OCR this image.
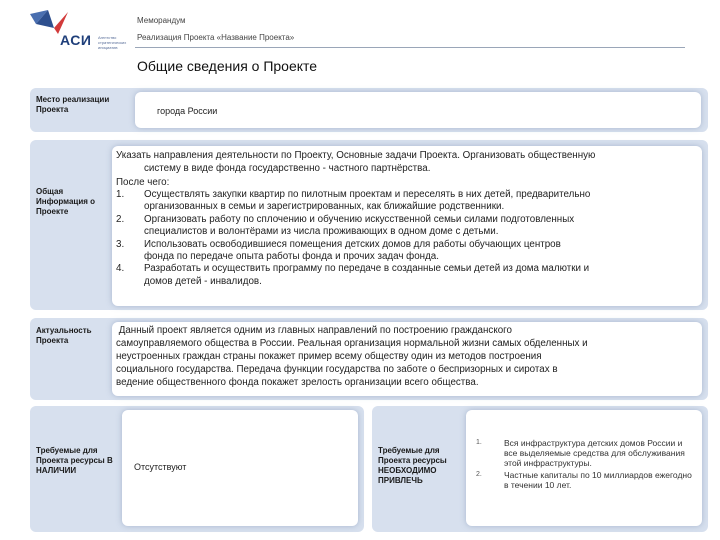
АСИ Агентство стратегических инициатив
Меморандум
Реализация Проекта «Название Проекта»
Общие сведения о Проекте
Место реализации Проекта	города России
Общая Информация о Проекте
Указать направления деятельности по Проекту, Основные задачи Проекта. Организовать общественную
систему в виде фонда государственно - частного партнёрства.
После чего:
1. Осуществлять закупки квартир по пилотным проектам и переселять в них детей, предварительно
организованных в семьи и зарегистрированных, как ближайшие родственники.
2. Организовать работу по сплочению и обучению искусственной семьи силами подготовленных
специалистов и волонтёрами из числа проживающих в одном доме с детьми.
3. Использовать освободившиеся помещения детских домов для работы обучающих центров
фонда по передаче опыта работы фонда и прочих задач фонда.
4. Разработать и осуществить программу по передаче в созданные семьи детей из дома малютки и
домов детей - инвалидов.
Актуальность Проекта
Данный проект является одним из главных направлений по построению гражданского
самоуправляемого общества в России. Реальная организация нормальной жизни самых обделенных и
неустроенных граждан страны покажет пример всему обществу один из методов построения
социального государства. Передача функции государства по заботе о беспризорных и сиротах в
ведение общественного фонда покажет зрелость организации всего общества.
Требуемые для Проекта ресурсы В НАЛИЧИИ	Отсутствуют
Требуемые для Проекта ресурсы НЕОБХОДИМО ПРИВЛЕЧЬ
1.	Вся инфраструктура детских домов России и все выделяемые средства для обслуживания этой инфраструктуры.
2.	Частные капиталы по 10 миллиардов ежегодно в течении 10 лет.
